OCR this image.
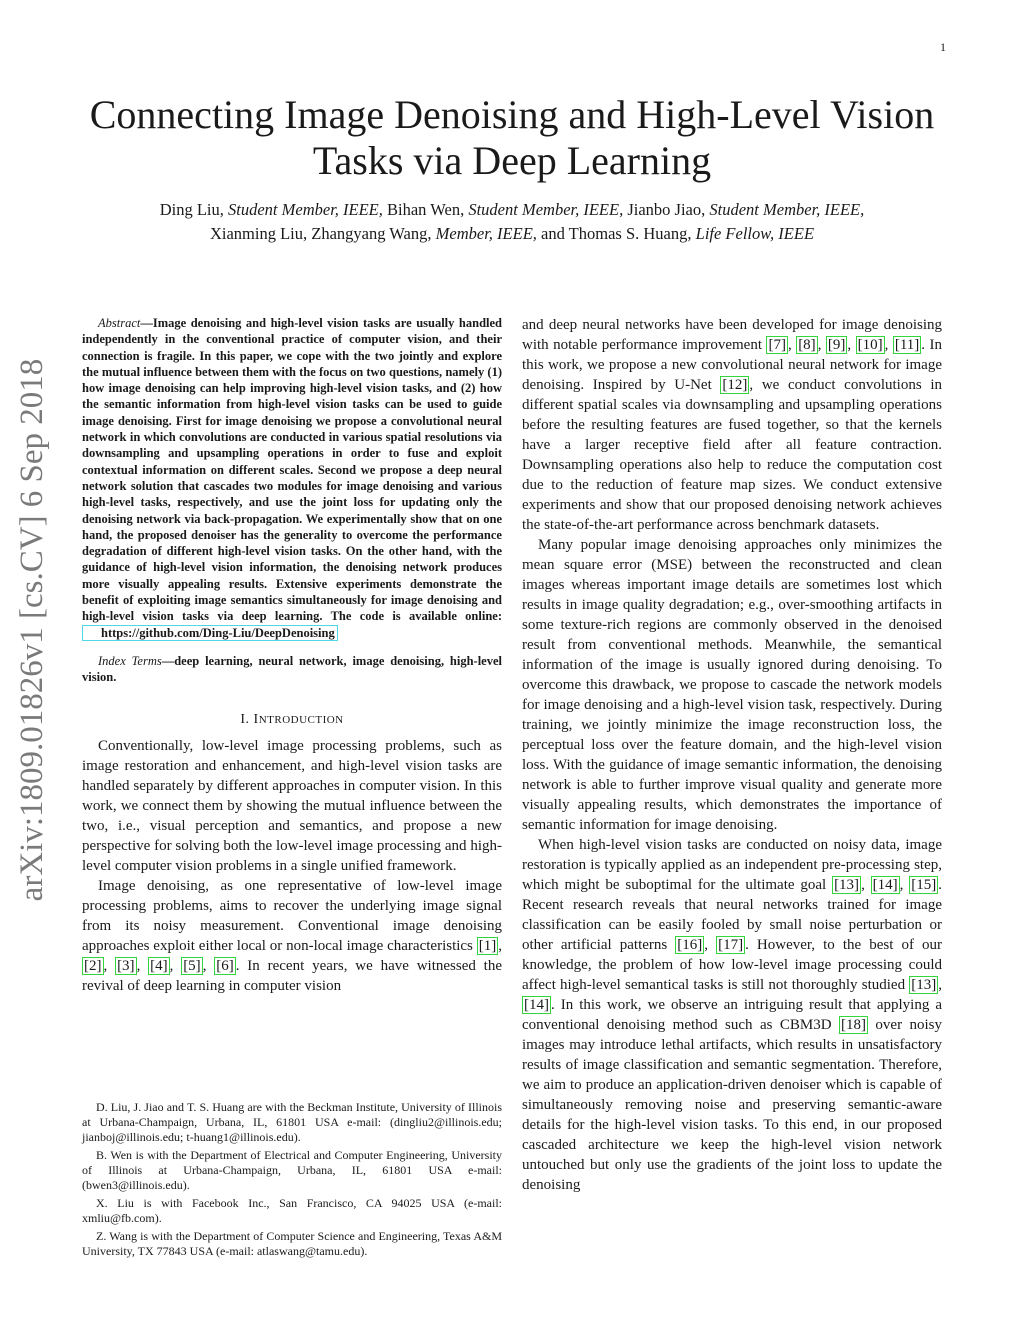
1
Connecting Image Denoising and High-Level Vision Tasks via Deep Learning
Ding Liu, Student Member, IEEE, Bihan Wen, Student Member, IEEE, Jianbo Jiao, Student Member, IEEE,
Xianming Liu, Zhangyang Wang, Member, IEEE, and Thomas S. Huang, Life Fellow, IEEE
arXiv:1809.01826v1 [cs.CV] 6 Sep 2018

Abstract—Image denoising and high-level vision tasks are usually handled independently in the conventional practice of computer vision, and their connection is fragile. In this paper, we cope with the two jointly and explore the mutual influence between them with the focus on two questions, namely (1) how image denoising can help improving high-level vision tasks, and (2) how the semantic information from high-level vision tasks can be used to guide image denoising. First for image denoising we propose a convolutional neural network in which convolutions are conducted in various spatial resolutions via downsampling and upsampling operations in order to fuse and exploit contextual information on different scales. Second we propose a deep neural network solution that cascades two modules for image denoising and various high-level tasks, respectively, and use the joint loss for updating only the denoising network via back-propagation. We experimentally show that on one hand, the proposed denoiser has the generality to overcome the performance degradation of different high-level vision tasks. On the other hand, with the guidance of high-level vision information, the denoising network produces more visually appealing results. Extensive experiments demonstrate the benefit of exploiting image semantics simultaneously for image denoising and high-level vision tasks via deep learning. The code is available online: https://github.com/Ding-Liu/DeepDenoising

Index Terms—deep learning, neural network, image denoising, high-level vision.

I. INTRODUCTION

Conventionally, low-level image processing problems, such as image restoration and enhancement, and high-level vision tasks are handled separately by different approaches in computer vision. In this work, we connect them by showing the mutual influence between the two, i.e., visual perception and semantics, and propose a new perspective for solving both the low-level image processing and high-level computer vision problems in a single unified framework.

Image denoising, as one representative of low-level image processing problems, aims to recover the underlying image signal from its noisy measurement. Conventional image denoising approaches exploit either local or non-local image characteristics [1] , [2] , [3] , [4] , [5] , [6] . In recent years, we have witnessed the revival of deep learning in computer vision

D. Liu, J. Jiao and T. S. Huang are with the Beckman Institute, University of Illinois at Urbana-Champaign, Urbana, IL, 61801 USA e-mail: (dingliu2@illinois.edu; jianboj@illinois.edu; t-huang1@illinois.edu).

B. Wen is with the Department of Electrical and Computer Engineering, University of Illinois at Urbana-Champaign, Urbana, IL, 61801 USA e-mail: (bwen3@illinois.edu).

X. Liu is with Facebook Inc., San Francisco, CA 94025 USA (e-mail: xmliu@fb.com).

Z. Wang is with the Department of Computer Science and Engineering, Texas A&M University, TX 77843 USA (e-mail: atlaswang@tamu.edu).

and deep neural networks have been developed for image denoising with notable performance improvement [7] , [8] , [9] , [10] , [11] . In this work, we propose a new convolutional neural network for image denoising. Inspired by U-Net [12] , we conduct convolutions in different spatial scales via downsampling and upsampling operations before the resulting features are fused together, so that the kernels have a larger receptive field after all feature contraction. Downsampling operations also help to reduce the computation cost due to the reduction of feature map sizes. We conduct extensive experiments and show that our proposed denoising network achieves the state-of-the-art performance across benchmark datasets.

Many popular image denoising approaches only minimizes the mean square error (MSE) between the reconstructed and clean images whereas important image details are sometimes lost which results in image quality degradation; e.g., over-smoothing artifacts in some texture-rich regions are commonly observed in the denoised result from conventional methods. Meanwhile, the semantical information of the image is usually ignored during denoising. To overcome this drawback, we propose to cascade the network models for image denoising and a high-level vision task, respectively. During training, we jointly minimize the image reconstruction loss, the perceptual loss over the feature domain, and the high-level vision loss. With the guidance of image semantic information, the denoising network is able to further improve visual quality and generate more visually appealing results, which demonstrates the importance of semantic information for image denoising.

When high-level vision tasks are conducted on noisy data, image restoration is typically applied as an independent pre-processing step, which might be suboptimal for the ultimate goal [13] , [14] , [15] . Recent research reveals that neural networks trained for image classification can be easily fooled by small noise perturbation or other artificial patterns [16] , [17] . However, to the best of our knowledge, the problem of how low-level image processing could affect high-level semantical tasks is still not thoroughly studied [13] , [14] . In this work, we observe an intriguing result that applying a conventional denoising method such as CBM3D [18] over noisy images may introduce lethal artifacts, which results in unsatisfactory results of image classification and semantic segmentation. Therefore, we aim to produce an application-driven denoiser which is capable of simultaneously removing noise and preserving semantic-aware details for the high-level vision tasks. To this end, in our proposed cascaded architecture we keep the high-level vision network untouched but only use the gradients of the joint loss to update the denoising
